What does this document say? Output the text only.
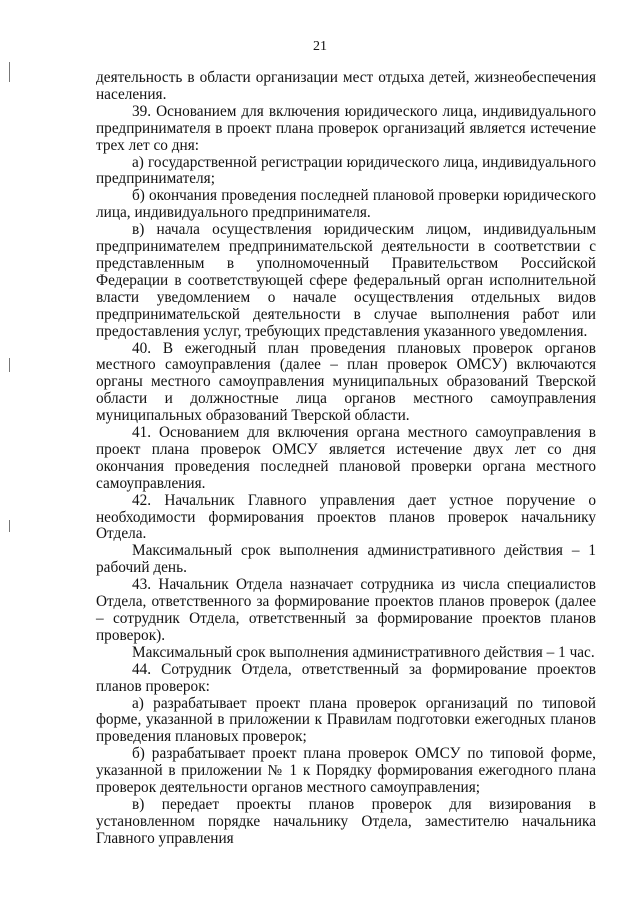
21

деятельность в области организации мест отдыха детей, жизнеобеспечения населения.

39. Основанием для включения юридического лица, индивидуального предпринимателя в проект плана проверок организаций является истечение трех лет со дня:

а) государственной регистрации юридического лица, индивидуального предпринимателя;

б) окончания проведения последней плановой проверки юридического лица, индивидуального предпринимателя.

в) начала осуществления юридическим лицом, индивидуальным предпринимателем предпринимательской деятельности в соответствии с представленным в уполномоченный Правительством Российской Федерации в соответствующей сфере федеральный орган исполнительной власти уведомлением о начале осуществления отдельных видов предпринимательской деятельности в случае выполнения работ или предоставления услуг, требующих представления указанного уведомления.

40. В ежегодный план проведения плановых проверок органов местного самоуправления (далее – план проверок ОМСУ) включаются органы местного самоуправления муниципальных образований Тверской области и должностные лица органов местного самоуправления муниципальных образований Тверской области.

41. Основанием для включения органа местного самоуправления в проект плана проверок ОМСУ является истечение двух лет со дня окончания проведения последней плановой проверки органа местного самоуправления.

42. Начальник Главного управления дает устное поручение о необходимости формирования проектов планов проверок начальнику Отдела.

Максимальный срок выполнения административного действия – 1 рабочий день.

43. Начальник Отдела назначает сотрудника из числа специалистов Отдела, ответственного за формирование проектов планов проверок (далее – сотрудник Отдела, ответственный за формирование проектов планов проверок).

Максимальный срок выполнения административного действия – 1 час.

44. Сотрудник Отдела, ответственный за формирование проектов планов проверок:

а) разрабатывает проект плана проверок организаций по типовой форме, указанной в приложении к Правилам подготовки ежегодных планов проведения плановых проверок;

б) разрабатывает проект плана проверок ОМСУ по типовой форме, указанной в приложении № 1 к Порядку формирования ежегодного плана проверок деятельности органов местного самоуправления;

в) передает проекты планов проверок для визирования в установленном порядке начальнику Отдела, заместителю начальника Главного управления
